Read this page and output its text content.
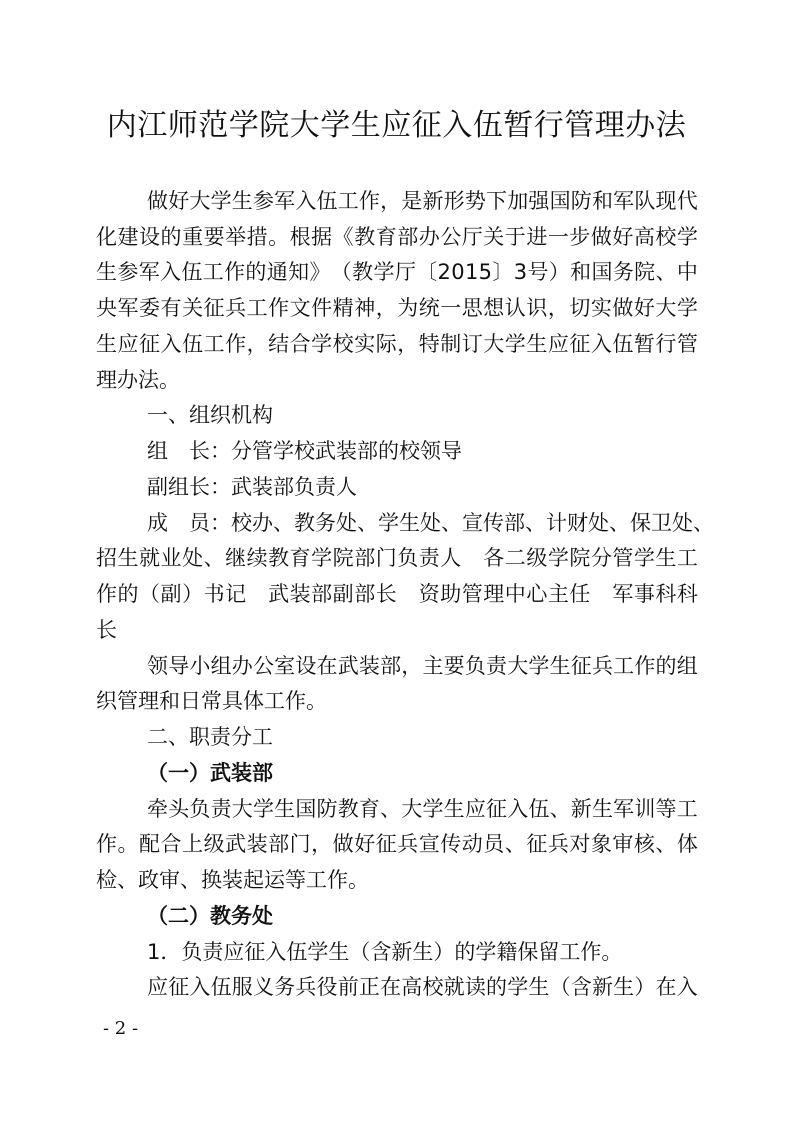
内江师范学院大学生应征入伍暂行管理办法

做 好 大 学 生 参 军 入 伍 工 作 ， 是 新 形 势 下 加 强 国 防 和 军 队 现 代

化 建 设 的 重 要 举 措 。 根 据 《 教 育 部 办 公 厅 关 于 进 一 步 做 好 高 校 学

生 参 军 入 伍 工 作 的 通 知 》 （ 教 学 厅 〔 2 0 1 5 〕 3 号 ） 和 国 务 院 、 中

央 军 委 有 关 征 兵 工 作 文 件 精 神 ， 为 统 一 思 想 认 识 ， 切 实 做 好 大 学

生 应 征 入 伍 工 作 ， 结 合 学 校 实 际 ， 特 制 订 大 学 生 应 征 入 伍 暂 行 管

理办法。

一、组织机构

组　长：分管学校武装部的校领导

副组长：武装部负责人

成
　 员 ： 校 办 、 教 务 处 、 学 生 处 、 宣 传 部 、 计 财 处 、 保 卫 处 、

招 生 就 业 处 、 继 续 教 育 学 院 部 门 负 责 人
　 各 二 级 学 院 分 管 学 生 工

作 的 （ 副 ） 书 记
　 武 装 部 副 部 长
　 资 助 管 理 中 心 主 任
　 军 事 科 科

长

领 导 小 组 办 公 室 设 在 武 装 部 ， 主 要 负 责 大 学 生 征 兵 工 作 的 组

织管理和日常具体工作。

二、职责分工

（一）武装部

牵 头 负 责 大 学 生 国 防 教 育 、 大 学 生 应 征 入 伍 、 新 生 军 训 等 工

作 。 配 合 上 级 武 装 部 门 ， 做 好 征 兵 宣 传 动 员 、 征 兵 对 象 审 核 、 体

检、政审、换装起运等工作。

（二）教务处

1．负责应征入伍学生（含新生）的学籍保留工作。

应 征 入 伍 服 义 务 兵 役 前 正 在 高 校 就 读 的 学 生 （ 含 新 生 ） 在 入

- 2 -
